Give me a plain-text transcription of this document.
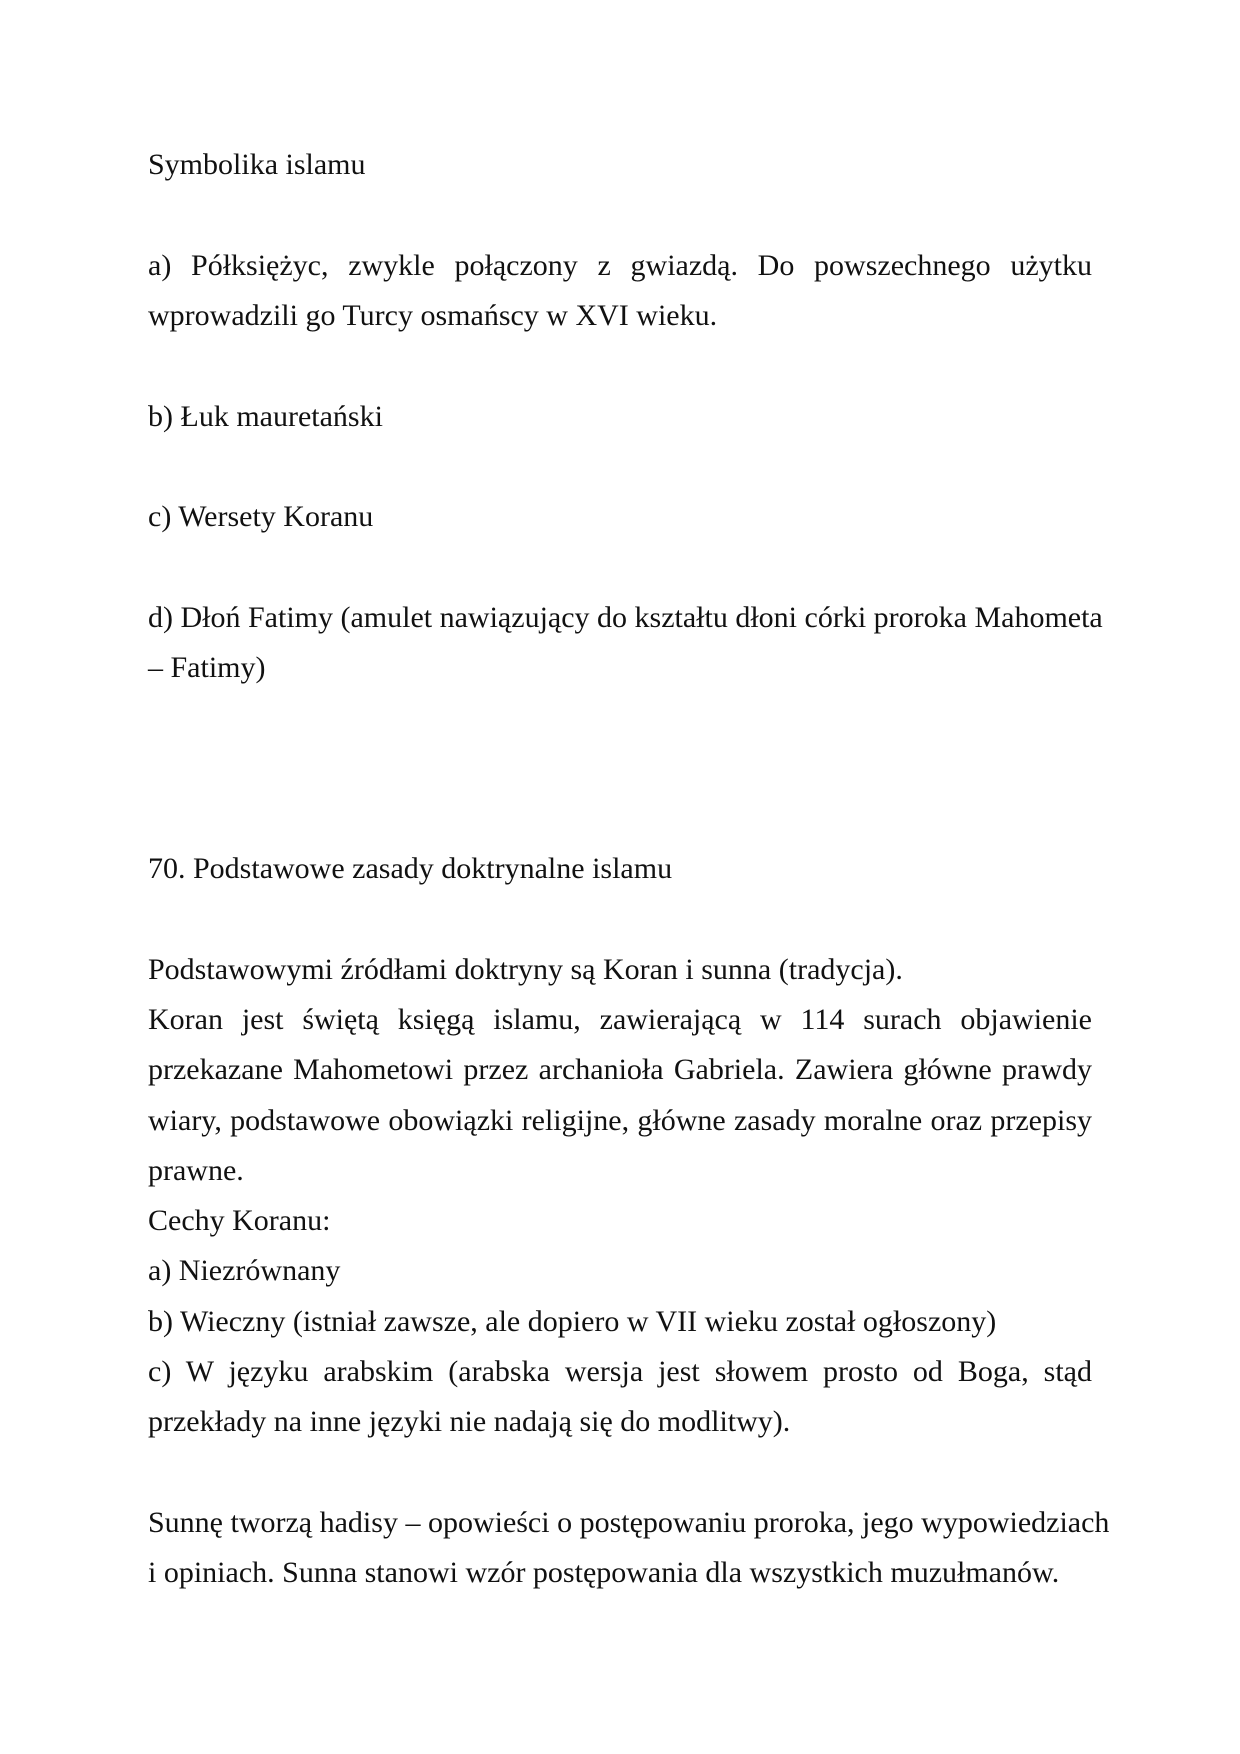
Symbolika islamu
a) Półksiężyc, zwykle połączony z gwiazdą. Do powszechnego użytku
wprowadzili go Turcy osmańscy w XVI wieku.
b) Łuk mauretański
c) Wersety Koranu
d) Dłoń Fatimy (amulet nawiązujący do kształtu dłoni córki proroka Mahometa
– Fatimy)
70. Podstawowe zasady doktrynalne islamu
Podstawowymi źródłami doktryny są Koran i sunna (tradycja).
Koran jest świętą księgą islamu, zawierającą w 114 surach objawienie
przekazane Mahometowi przez archanioła Gabriela. Zawiera główne prawdy
wiary, podstawowe obowiązki religijne, główne zasady moralne oraz przepisy
prawne.
Cechy Koranu:
a) Niezrównany
b) Wieczny (istniał zawsze, ale dopiero w VII wieku został ogłoszony)
c) W języku arabskim (arabska wersja jest słowem prosto od Boga, stąd
przekłady na inne języki nie nadają się do modlitwy).
Sunnę tworzą hadisy – opowieści o postępowaniu proroka, jego wypowiedziach
i opiniach. Sunna stanowi wzór postępowania dla wszystkich muzułmanów.
